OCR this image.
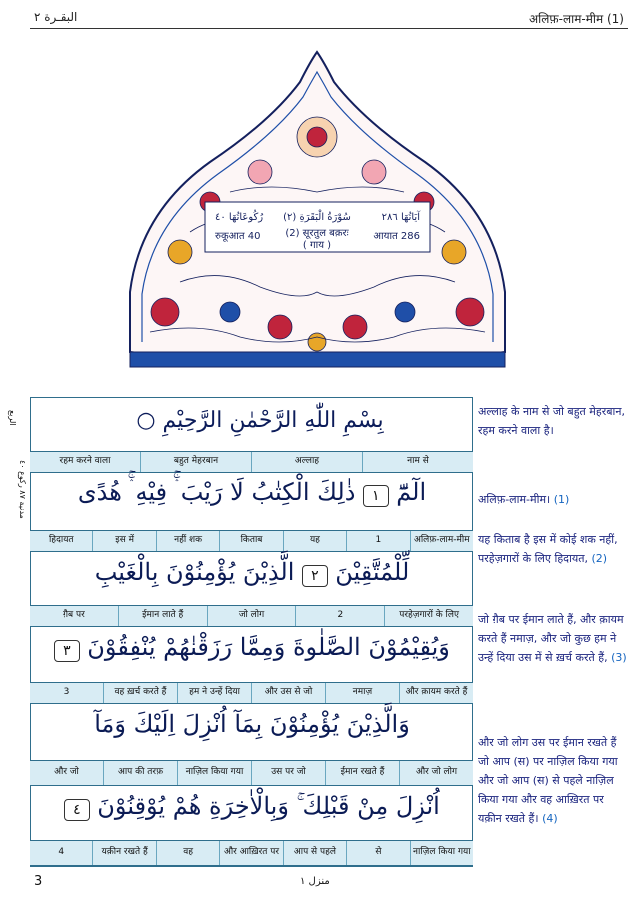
البقـرة ٢	अलिफ़-लाम-मीम (1)
آيَاتُهَا ٢٨٦
(٢) سُوْرَةُ الْبَقَرَةِ
رُكُوعَاتُهَا ٤٠
आयात 286
(2) सूरतुल बक़रः
( गाय )
रुकूआत 40
الربع
مدنية ٨٧ ركوع ٤٠
بِسْمِ اللّٰهِ الرَّحْمٰنِ الرَّحِيْمِ ○
नाम से
अल्लाह
बहुत मेहरबान
रहम करने वाला
الٓمّٓ ١ ذٰلِكَ الْكِتٰبُ لَا رَيْبَ ۛۚ فِيْهِ ۛۚ هُدًى
अलिफ़-लाम-मीम
1
यह
किताब
नहीं शक
इस में
हिदायत
لِّلْمُتَّقِيْنَ ٢ الَّذِيْنَ يُؤْمِنُوْنَ بِالْغَيْبِ
परहेज़गारों के लिए
2
जो लोग
ईमान लाते हैं
ग़ैब पर
وَيُقِيْمُوْنَ الصَّلٰوةَ وَمِمَّا رَزَقْنٰهُمْ يُنْفِقُوْنَ ٣
और क़ायम करते हैं
नमाज़
और उस से जो
हम ने उन्हें दिया
वह ख़र्च करते हैं
3
وَالَّذِيْنَ يُؤْمِنُوْنَ بِمَآ اُنْزِلَ اِلَيْكَ وَمَآ
और जो लोग
ईमान रखते हैं
उस पर जो
नाज़िल किया गया
आप की तरफ़
और जो
اُنْزِلَ مِنْ قَبْلِكَ ۚ وَبِالْاٰخِرَةِ هُمْ يُوْقِنُوْنَ ٤
नाज़िल किया गया
से
आप से पहले
और आख़िरत पर
वह
यक़ीन रखते हैं
4
अल्लाह के नाम से जो बहुत मेहरबान, रहम करने वाला है।
अलिफ़-लाम-मीम। (1)
यह किताब है इस में कोई शक नहीं, परहेज़गारों के लिए हिदायत, (2)
जो ग़ैब पर ईमान लाते हैं, और क़ायम करते हैं नमाज़, और जो कुछ हम ने उन्हें दिया उस में से ख़र्च करते हैं, (3)
और जो लोग उस पर ईमान रखते हैं जो आप (स) पर नाज़िल किया गया और जो आप (स) से पहले नाज़िल किया गया और वह आख़िरत पर यक़ीन रखते हैं। (4)
3	منزل ١
